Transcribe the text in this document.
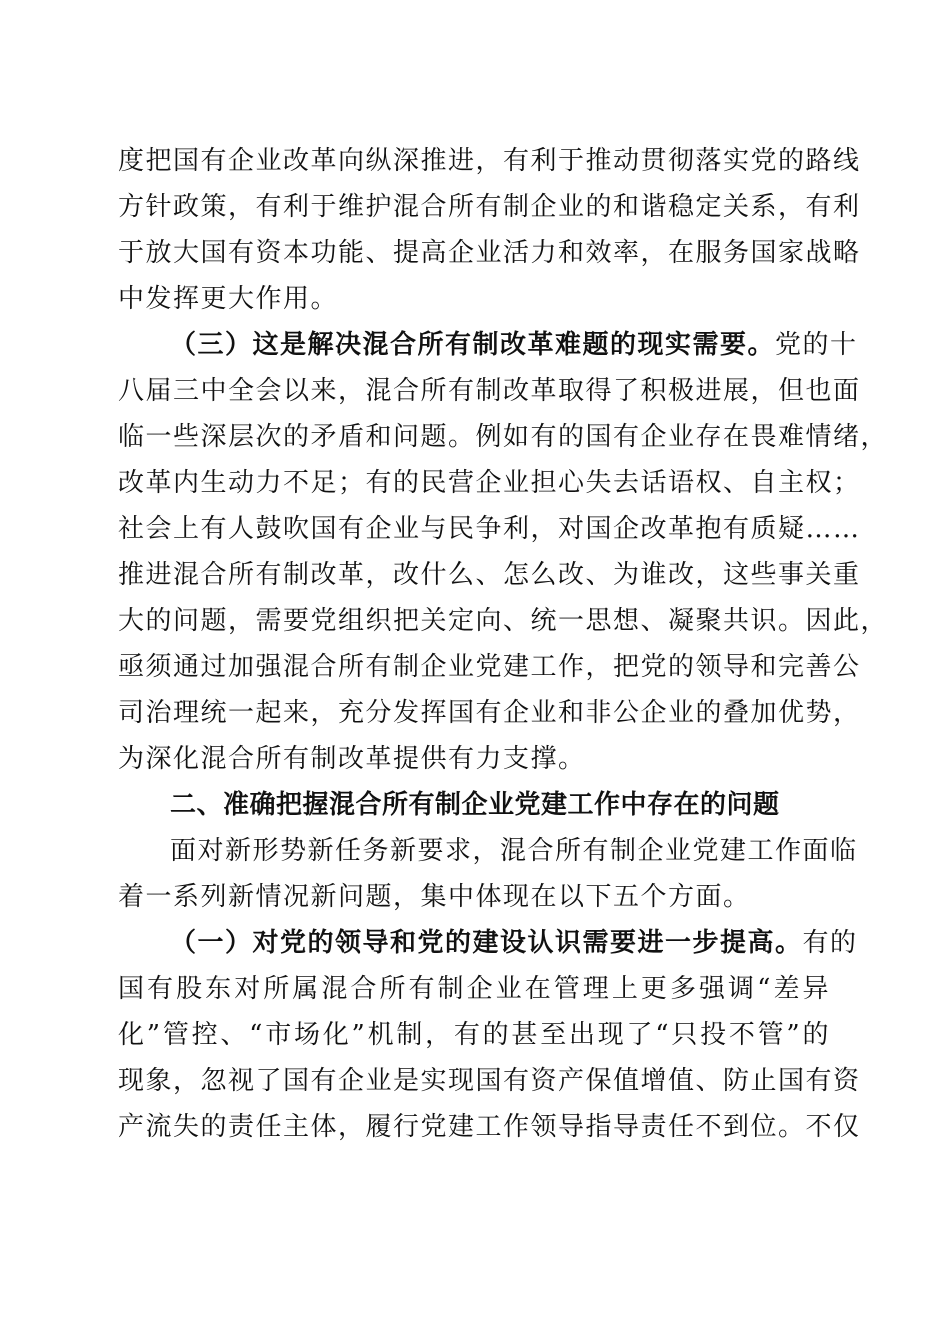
度把国有企业改革向纵深推进，有利于推动贯彻落实党的路线
方针政策，有利于维护混合所有制企业的和谐稳定关系，有利
于放大国有资本功能、提高企业活力和效率，在服务国家战略
中发挥更大作用。
（三）这是解决混合所有制改革难题的现实需要。党的十
八届三中全会以来，混合所有制改革取得了积极进展，但也面
临一些深层次的矛盾和问题。例如有的国有企业存在畏难情绪，
改革内生动力不足；有的民营企业担心失去话语权、自主权；
社会上有人鼓吹国有企业与民争利，对国企改革抱有质疑……
推进混合所有制改革，改什么、怎么改、为谁改，这些事关重
大的问题，需要党组织把关定向、统一思想、凝聚共识。因此，
亟须通过加强混合所有制企业党建工作，把党的领导和完善公
司治理统一起来，充分发挥国有企业和非公企业的叠加优势，
为深化混合所有制改革提供有力支撑。
二、准确把握混合所有制企业党建工作中存在的问题
面对新形势新任务新要求，混合所有制企业党建工作面临
着一系列新情况新问题，集中体现在以下五个方面。
（一）对党的领导和党的建设认识需要进一步提高。有的
国有股东对所属混合所有制企业在管理上更多强调“差异
化”管控、“市场化”机制，有的甚至出现了“只投不管”的
现象，忽视了国有企业是实现国有资产保值增值、防止国有资
产流失的责任主体，履行党建工作领导指导责任不到位。不仅
